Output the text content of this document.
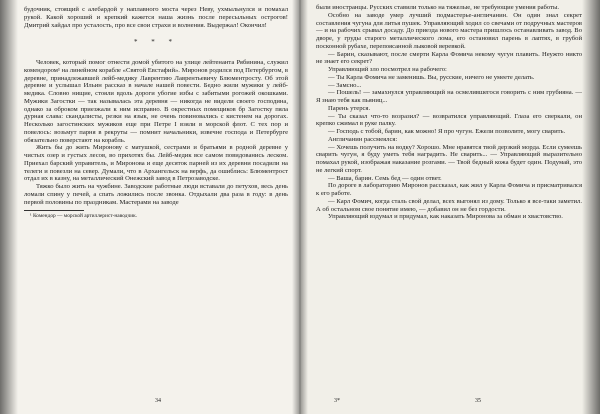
будочник, стоящий с алебардой у наплавного моста через Неву, ухмыльнулся и помахал рукой. Какой хороший и крепкий кажется наша жизнь после пересыльных острогов! Дмитрий хайдал про усталость, про все свои страхи и волнения. Выдержал! Окончил!

* * *

Человек, который помог отнести домой убитого на улице лейтенанта Рябинина, служил комендором¹ на линейном корабле «Святой Евстафий». Миронов родился под Петербургом, в деревне, принадлежавшей лейб-медику Лаврентию Лаврентьевичу Блюментросту. Об этой деревне и услышал Ильин рассказ в начале нашей повести. Бедно жили мужики у лейб-медика. Словно нищие, стояли вдоль дороги убогие избы с забитыми рогожей окошками. Мужики Загостки — так называлась эта деревня — никогда не видели своего господина, однако за оброком приезжали к ним исправно. В окрестных помещиков бр Загостку пяла дурная слава: скандалисты, резки на язык, не очень повиновались с кистенем на дорогах. Несколько загостинских мужиков еще при Петре I взяли в морской флот. С тех пор и повелось: возьмут парня в рекруты — помнит начальники, извечне господа и Петербурге обязательно поверстают на корабль.

Жить бы до жить Миронову с матушкой, сестрами и братьями в родной деревне у чистых озер и густых лесов, во прихотях бы. Лейб-медик все самом повидованись леском. Приехал барский управитель, и Миронова и еще десяток парней из их деревни посадили на телеги и повезли на север. Думали, что в Архангельск на верфь, да ошиблись: Блюментрост отдал их в казну, на металлический Онежский завод в Петрозаводске.

Тяжко было жить на чужбине. Заводские работные люди вставали до петухов, весь день ломали спину у печей, а спать ложились после звонка. Отдыхали два раза в году: в день первой половины по праздникам. Мастерами на заводе

¹ Комендор — морской артиллерист-наводчик.

34

были иностранцы. Русских ставили только на тяжелые, не требующие умения работы.

Особно на заводе умер лучший подмастерье-англичанин. Он один знал секрет составления чугуна для литья пушек. Управляющий ходил со свечами от подручных мастеров — и на рабочих срывал досаду. Дo приезда нового мастера пришлось останавливать завод. Во дворе, у груды старого металлического лома, его остановил парень в лаптях, в грубой посконной рубахе, перепоясанной лыковой веревкой.

— Барин, сказывают, после смерти Карла Фомича некому чугун плавить. Неужто никто не знает его секрет?

Управляющий зло посмотрел на рабочего:

— Ты Карла Фомича не заменишь. Вы, русские, ничего не умеете делать.

— Замсно...

— Пошель! — замахнулся управляющий на осмелившегося говорить с ним грубияна. — Я знаю тебя как пьяниц...

Парень утерся.

— Ты сказал что-то возразил? — возвратился управляющий. Глаза его сверкали, он крепко сжимал в руке палку.

— Господь с тобой, барин, как можно! Я про чугун. Ежели позволите, могу сварить.

Англичанин рассмеялся:

— Хочешь получить на водку? Хорошо. Мне нравятся твой дерзкий морда. Если сумеешь сварить чугун, я буду уметь тебя наградить. Не сварить... — Управляющий выразительно помахал рукой, изображая наказание розгами. — Твой бедный кожа будет один. Подумай, это не легкий спорт.

— Ваша, барин. Семь бед — один ответ.

По дороге в лабораторию Миронов рассказал, как жил у Карла Фомича и присматривался к его работе.

— Карл Фомич, когда сталь свой делал, всех выгонял из дому. Только я все-таки заметил. А об остальном свое понятие имею, — добавил он не без гордости.

Управляющий вздумал и придумал, как наказать Миронова за обман и хвастовство.

3*	35
